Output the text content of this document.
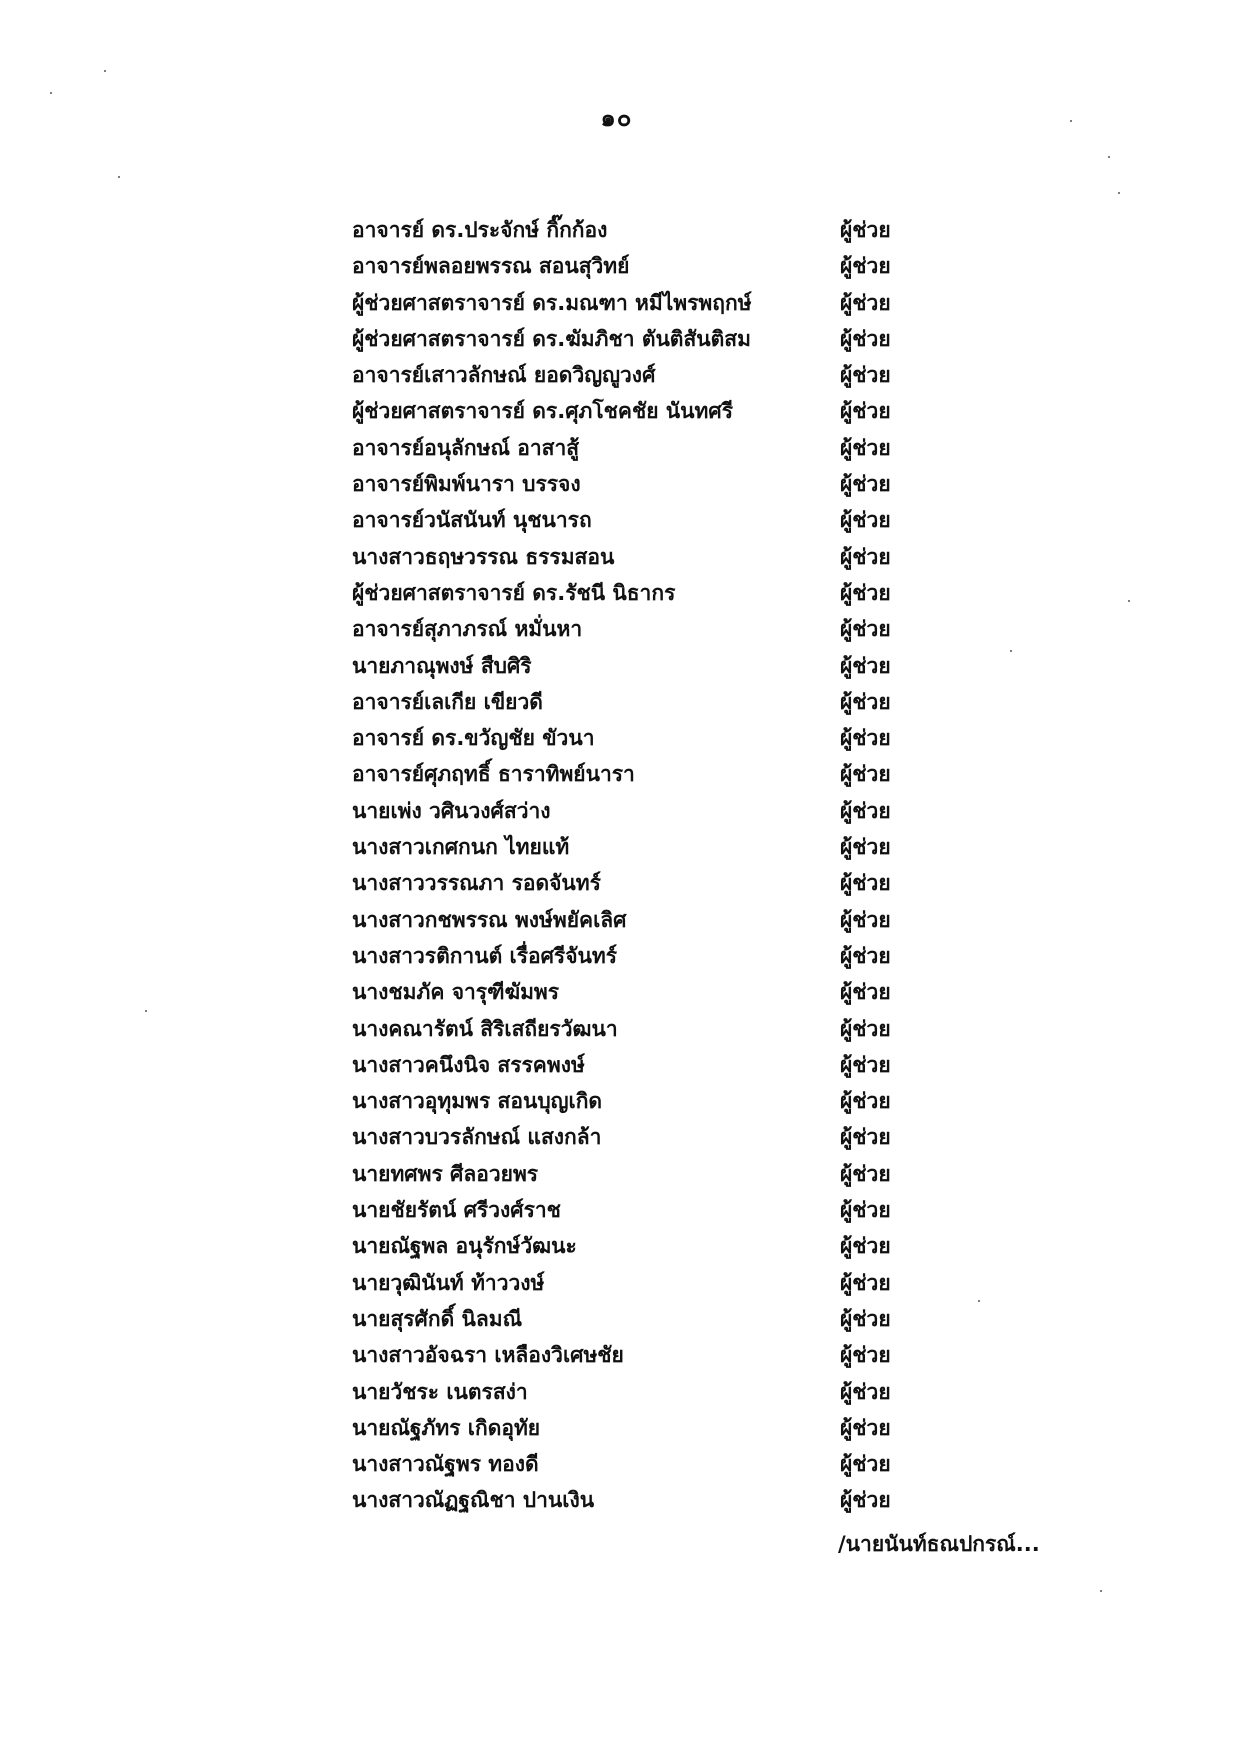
๑๐
อาจารย์ ดร.ประจักษ์ กิ๊กก้อง	ผู้ช่วย
อาจารย์พลอยพรรณ สอนสุวิทย์	ผู้ช่วย
ผู้ช่วยศาสตราจารย์ ดร.มณฑา หมีไพรพฤกษ์	ผู้ช่วย
ผู้ช่วยศาสตราจารย์ ดร.ฆัมภิชา ตันติสันติสม	ผู้ช่วย
อาจารย์เสาวลักษณ์ ยอดวิญญูวงศ์	ผู้ช่วย
ผู้ช่วยศาสตราจารย์ ดร.ศุภโชคชัย นันทศรี	ผู้ช่วย
อาจารย์อนุลักษณ์ อาสาสู้	ผู้ช่วย
อาจารย์พิมพ์นารา บรรจง	ผู้ช่วย
อาจารย์วนัสนันท์ นุชนารถ	ผู้ช่วย
นางสาวธฤษวรรณ ธรรมสอน	ผู้ช่วย
ผู้ช่วยศาสตราจารย์ ดร.รัชนี นิธากร	ผู้ช่วย
อาจารย์สุภาภรณ์ หมั่นหา	ผู้ช่วย
นายภาณุพงษ์ สืบศิริ	ผู้ช่วย
อาจารย์เลเกีย เขียวดี	ผู้ช่วย
อาจารย์ ดร.ขวัญชัย ขัวนา	ผู้ช่วย
อาจารย์ศุภฤทธิ์ ธาราทิพย์นารา	ผู้ช่วย
นายเพ่ง วศินวงศ์สว่าง	ผู้ช่วย
นางสาวเกศกนก ไทยแท้	ผู้ช่วย
นางสาววรรณภา รอดจันทร์	ผู้ช่วย
นางสาวกชพรรณ พงษ์พยัคเลิศ	ผู้ช่วย
นางสาวรติกานต์ เรื่อศรีจันทร์	ผู้ช่วย
นางชมภัค จารุฑีฆัมพร	ผู้ช่วย
นางคณารัตน์ สิริเสถียรวัฒนา	ผู้ช่วย
นางสาวคนึงนิจ สรรคพงษ์	ผู้ช่วย
นางสาวอุทุมพร สอนบุญเกิด	ผู้ช่วย
นางสาวบวรลักษณ์ แสงกล้า	ผู้ช่วย
นายทศพร ศีลอวยพร	ผู้ช่วย
นายชัยรัตน์ ศรีวงศ์ราช	ผู้ช่วย
นายณัฐพล อนุรักษ์วัฒนะ	ผู้ช่วย
นายวุฒินันท์ ท้าววงษ์	ผู้ช่วย
นายสุรศักดิ์ นิลมณี	ผู้ช่วย
นางสาวอัจฉรา เหลืองวิเศษชัย	ผู้ช่วย
นายวัชระ เนตรสง่า	ผู้ช่วย
นายณัฐภัทร เกิดอุทัย	ผู้ช่วย
นางสาวณัฐพร ทองดี	ผู้ช่วย
นางสาวณัฏฐณิชา ปานเงิน	ผู้ช่วย
/นายนันท์ธณปกรณ์...
